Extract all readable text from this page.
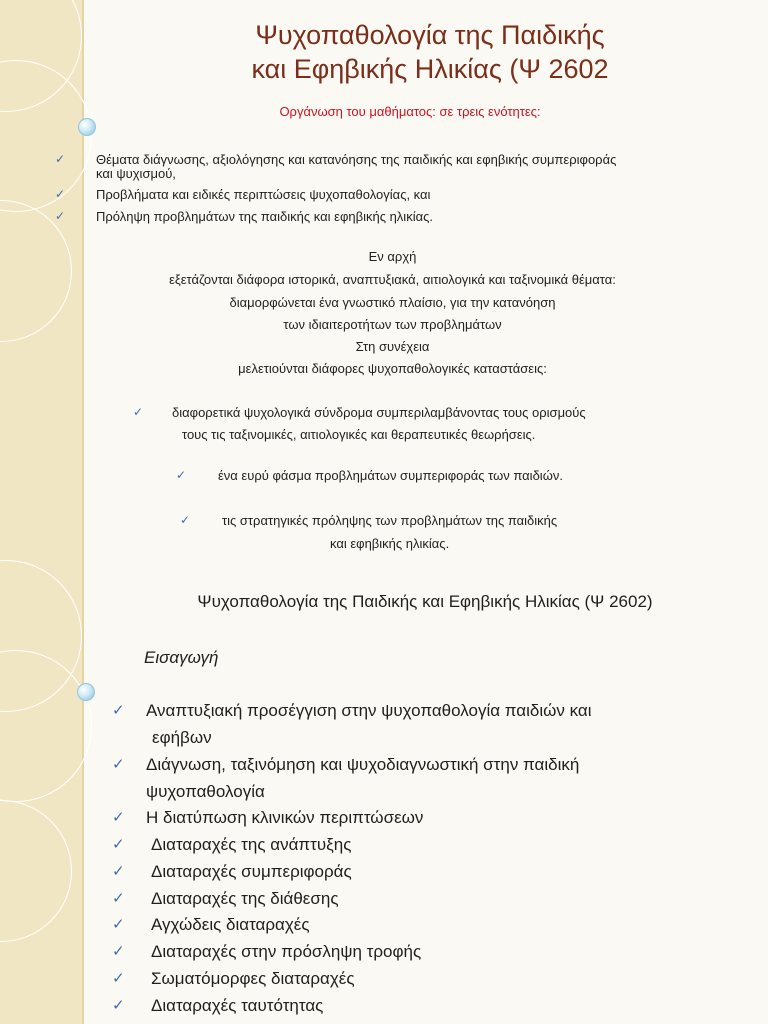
Ψυχοπαθολογία της Παιδικής
και Εφηβικής Ηλικίας (Ψ 2602
Οργάνωση του μαθήματος: σε τρεις ενότητες:
✓ Θέματα διάγνωσης, αξιολόγησης και κατανόησης της παιδικής και εφηβικής συμπεριφοράς
και ψυχισμού,
✓ Προβλήματα και ειδικές περιπτώσεις ψυχοπαθολογίας, και
✓ Πρόληψη προβλημάτων της παιδικής και εφηβικής ηλικίας.
Εν αρχή
εξετάζονται διάφορα ιστορικά, αναπτυξιακά, αιτιολογικά και ταξινομικά θέματα:
διαμορφώνεται ένα γνωστικό πλαίσιο, για την κατανόηση
των ιδιαιτεροτήτων των προβλημάτων
Στη συνέχεια
μελετιούνται διάφορες ψυχοπαθολογικές καταστάσεις:
✓ διαφορετικά ψυχολογικά σύνδρομα συμπεριλαμβάνοντας τους ορισμούς
τους τις ταξινομικές, αιτιολογικές και θεραπευτικές θεωρήσεις.
✓ ένα ευρύ φάσμα προβλημάτων συμπεριφοράς των παιδιών.
✓ τις στρατηγικές πρόληψης των προβλημάτων της παιδικής
και εφηβικής ηλικίας.
Ψυχοπαθολογία της Παιδικής και Εφηβικής Ηλικίας (Ψ 2602)
Εισαγωγή
✓ Αναπτυξιακή προσέγγιση στην ψυχοπαθολογία παιδιών και
εφήβων
✓ Διάγνωση, ταξινόμηση και ψυχοδιαγνωστική στην παιδική
ψυχοπαθολογία
✓ Η διατύπωση κλινικών περιπτώσεων
✓ Διαταραχές της ανάπτυξης
✓ Διαταραχές συμπεριφοράς
✓ Διαταραχές της διάθεσης
✓ Αγχώδεις διαταραχές
✓ Διαταραχές στην πρόσληψη τροφής
✓ Σωματόμορφες διαταραχές
✓ Διαταραχές ταυτότητας
